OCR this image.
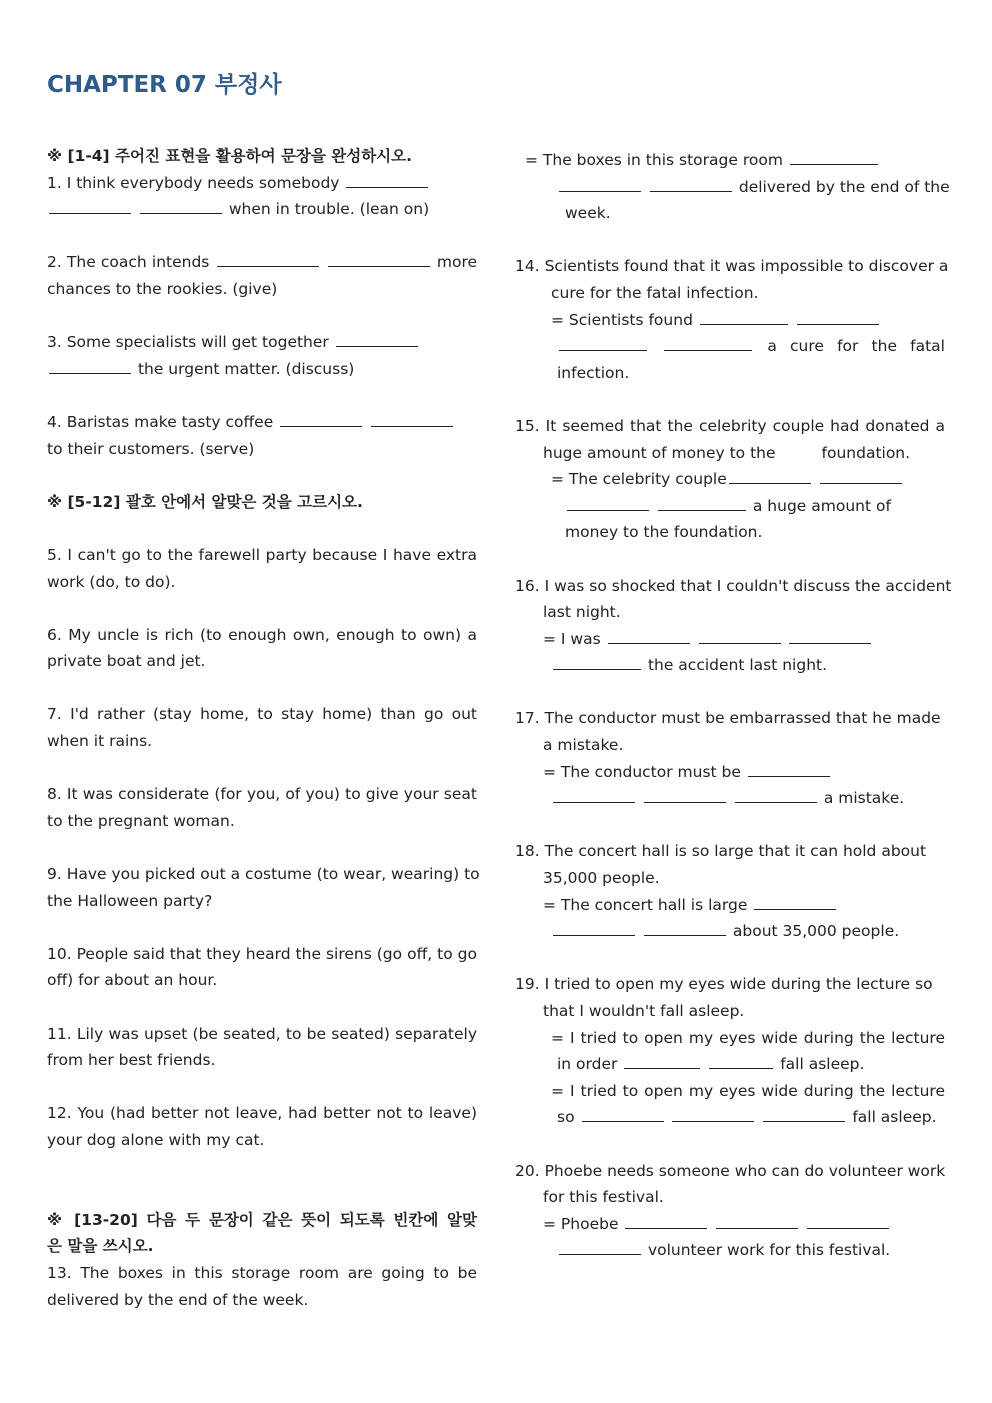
CHAPTER 07 부정사
※ [1-4] 주어진 표현을 활용하여 문장을 완성하시오.
1. I think everybody needs somebody
when in trouble. (lean on)
2. The coach intends	more
chances to the rookies. (give)
3. Some specialists will get together
the urgent matter. (discuss)
4. Baristas make tasty coffee
to their customers. (serve)
※ [5-12] 괄호 안에서 알맞은 것을 고르시오.
5. I can't go to the farewell party because I have extra
work (do, to do).
6. My uncle is rich (to enough own, enough to own) a
private boat and jet.
7. I'd rather (stay home, to stay home) than go out
when it rains.
8. It was considerate (for you, of you) to give your seat
to the pregnant woman.
9. Have you picked out a costume (to wear, wearing) to
the Halloween party?
10. People said that they heard the sirens (go off, to go
off) for about an hour.
11. Lily was upset (be seated, to be seated) separately
from her best friends.
12. You (had better not leave, had better not to leave)
your dog alone with my cat.
※ [13-20] 다음 두 문장이 같은 뜻이 되도록 빈칸에 알맞
은 말을 쓰시오.
13. The boxes in this storage room are going to be
delivered by the end of the week.
= The boxes in this storage room
delivered by the end of the
week.
14. Scientists found that it was impossible to discover a
cure for the fatal infection.
= Scientists found
a cure for the fatal
infection.
15. It seemed that the celebrity couple had donated a
huge amount of money to the	foundation.
= The celebrity couple
a huge amount of
money to the foundation.
16. I was so shocked that I couldn't discuss the accident
last night.
= I was
the accident last night.
17. The conductor must be embarrassed that he made
a mistake.
= The conductor must be
a mistake.
18. The concert hall is so large that it can hold about
35,000 people.
= The concert hall is large
about 35,000 people.
19. I tried to open my eyes wide during the lecture so
that I wouldn't fall asleep.
= I tried to open my eyes wide during the lecture
in order	fall asleep.
= I tried to open my eyes wide during the lecture
so	fall asleep.
20. Phoebe needs someone who can do volunteer work
for this festival.
= Phoebe
volunteer work for this festival.
